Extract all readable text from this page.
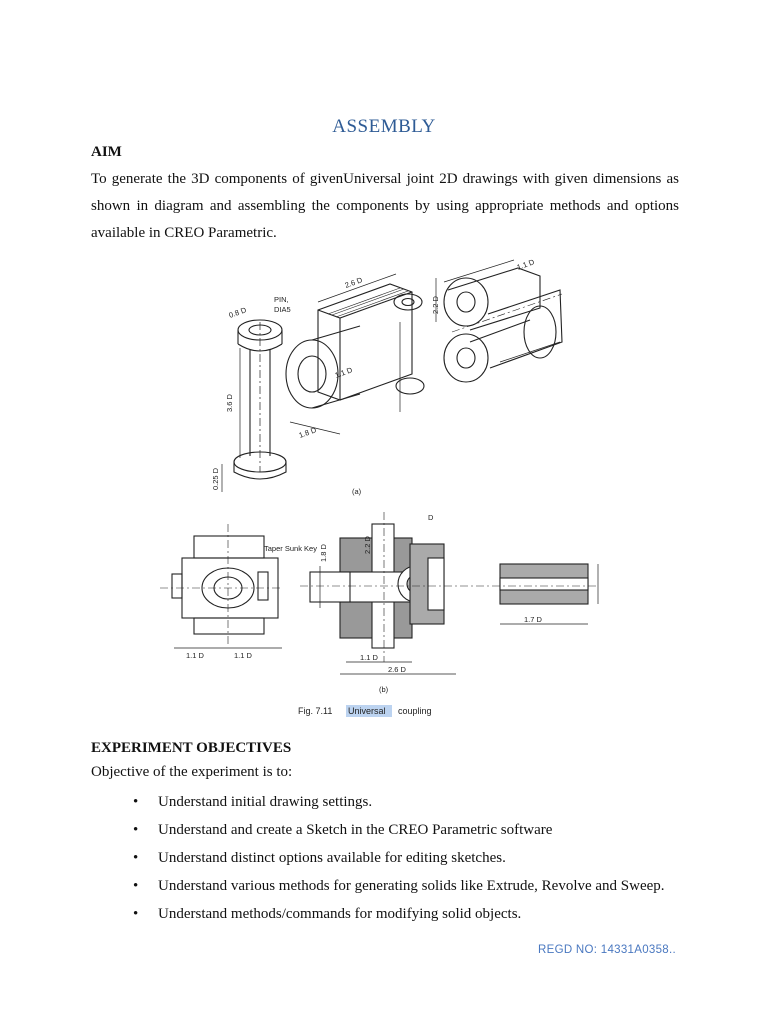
ASSEMBLY
AIM
To generate the 3D components of givenUniversal joint 2D drawings with given dimensions as shown in diagram and assembling the components by using appropriate methods and options available in CREO Parametric.
PIN,
DIA5
2.6 D
0.8 D
3.6 D
0.25 D
2.2 D
1.1 D
1.8 D
1.1 D
(a)
1.1 D	1.1 D
Taper Sunk Key 1.8 D	2.2 D
1.1 D
2.6 D
1.7 D
D
(b)
Fig. 7.11 Universal coupling
EXPERIMENT OBJECTIVES
Objective of the experiment is to:
• Understand initial drawing settings.
• Understand and create a Sketch in the CREO Parametric software
• Understand distinct options available for editing sketches.
• Understand various methods for generating solids like Extrude, Revolve and Sweep.
• Understand methods/commands for modifying solid objects.
REGD NO: 14331A0358..
